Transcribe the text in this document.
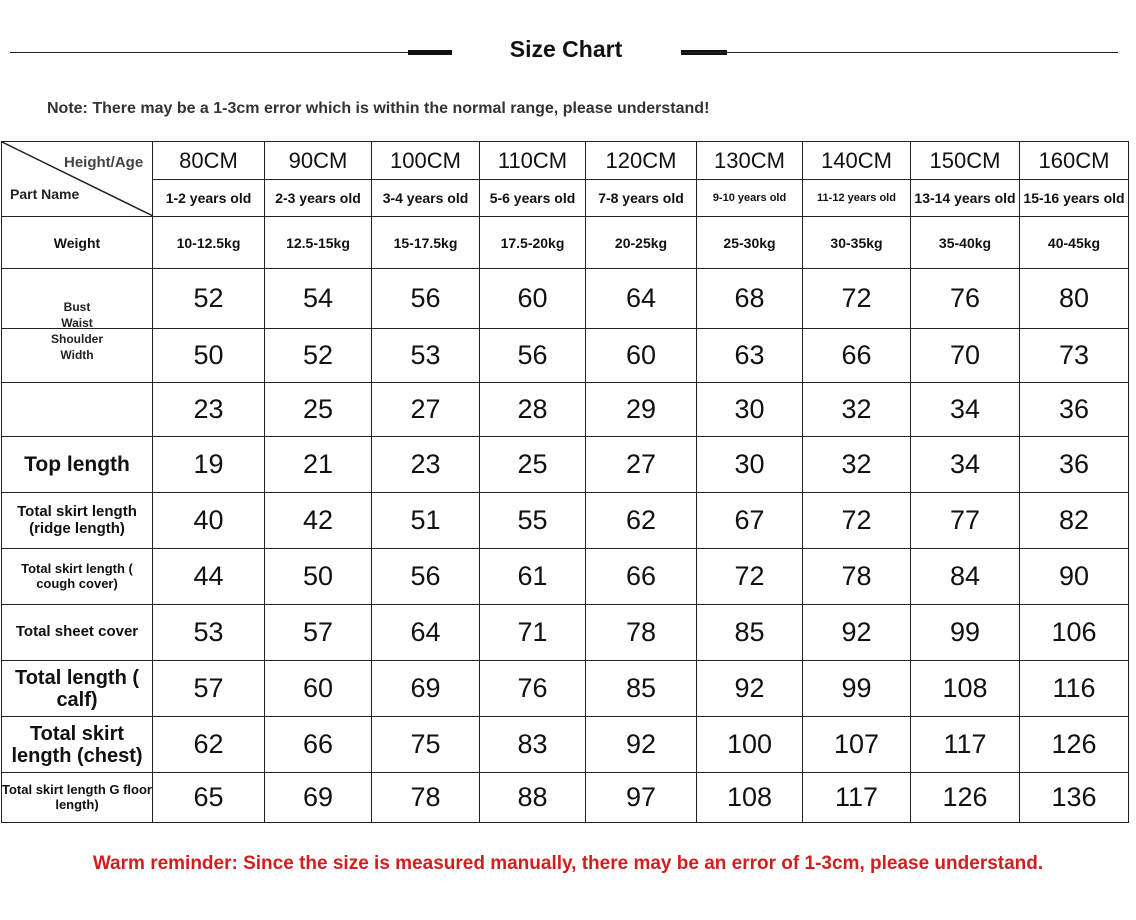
Size Chart
Note: There may be a 1-3cm error which is within the normal range, please understand!
Height/Age
Part Name	80CM	90CM	100CM	110CM	120CM	130CM	140CM	150CM	160CM
	1-2 years old	2-3 years old	3-4 years old	5-6 years old	7-8 years old	9-10 years old	11-12 years old	13-14 years old	15-16 years old
Weight	10-12.5kg	12.5-15kg	15-17.5kg	17.5-20kg	20-25kg	25-30kg	30-35kg	35-40kg	40-45kg
	52	54	56	60	64	68	72	76	80

Bust
Waist
Shoulder
Width	50	52	53	56	60	63	66	70	73
	23	25	27	28	29	30	32	34	36
Top length	19	21	23	25	27	30	32	34	36
Total skirt length (ridge length)	40	42	51	55	62	67	72	77	82
Total skirt length ( cough cover)	44	50	56	61	66	72	78	84	90
Total sheet cover	53	57	64	71	78	85	92	99	106
Total length ( calf)	57	60	69	76	85	92	99	108	116
Total skirt length (chest)	62	66	75	83	92	100	107	117	126
Total skirt length G floor length)	65	69	78	88	97	108	117	126	136
Warm reminder: Since the size is measured manually, there may be an error of 1-3cm, please understand.
